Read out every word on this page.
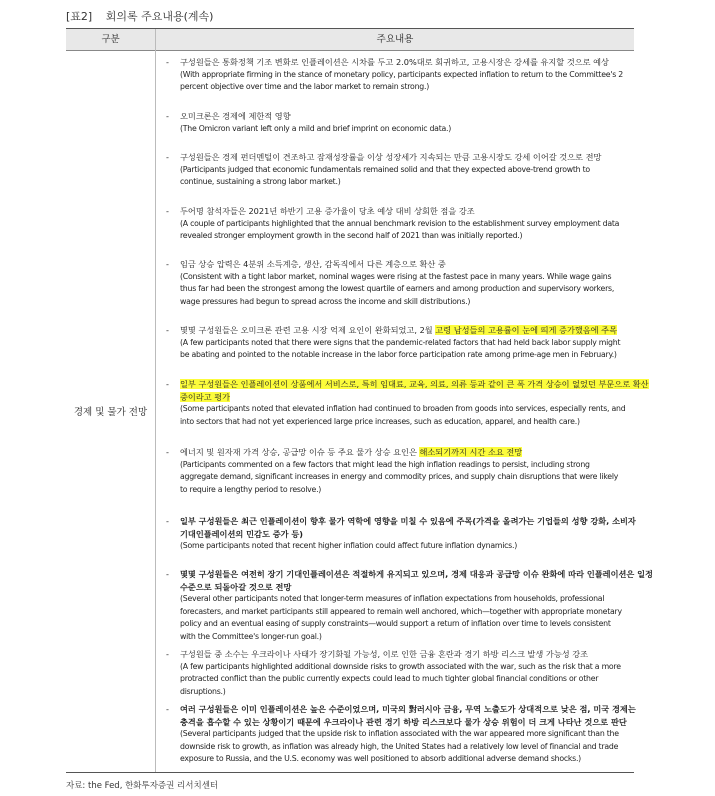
[표2] 회의록 주요내용(계속)
구분	주요내용
경제 및 물가 전망
- 구성원들은 통화정책 기조 변화로 인플레이션은 시차를 두고 2.0%대로 회귀하고, 고용시장은 강세를 유지할 것으로 예상
(With appropriate firming in the stance of monetary policy, participants expected inflation to return to the Committee's 2 percent objective over time and the labor market to remain strong.)
- 오미크론은 경제에 제한적 영향
(The Omicron variant left only a mild and brief imprint on economic data.)
- 구성원들은 경제 펀더멘털이 견조하고 잠재성장률을 이상 성장세가 지속되는 만큼 고용시장도 강세 이어갈 것으로 전망
(Participants judged that economic fundamentals remained solid and that they expected above-trend growth to continue, sustaining a strong labor market.)
- 두어명 참석자들은 2021년 하반기 고용 증가율이 당초 예상 대비 상회한 점을 강조
(A couple of participants highlighted that the annual benchmark revision to the establishment survey employment data revealed stronger employment growth in the second half of 2021 than was initially reported.)
- 임금 상승 압력은 4분위 소득계층, 생산, 감독직에서 다른 계층으로 확산 중
(Consistent with a tight labor market, nominal wages were rising at the fastest pace in many years. While wage gains thus far had been the strongest among the lowest quartile of earners and among production and supervisory workers, wage pressures had begun to spread across the income and skill distributions.)
- 몇몇 구성원들은 오미크론 관련 고용 시장 억제 요인이 완화되었고, 2월 고령 남성들의 고용률이 눈에 띄게 증가했음에 주목
(A few participants noted that there were signs that the pandemic-related factors that had held back labor supply might be abating and pointed to the notable increase in the labor force participation rate among prime-age men in February.)
- 일부 구성원들은 인플레이션이 상품에서 서비스로, 특히 임대료, 교육, 의료, 의류 등과 같이 큰 폭 가격 상승이 없었던 부문으로 확산
중이라고 평가
(Some participants noted that elevated inflation had continued to broaden from goods into services, especially rents, and into sectors that had not yet experienced large price increases, such as education, apparel, and health care.)
- 에너지 및 원자재 가격 상승, 공급망 이슈 등 주요 물가 상승 요인은 해소되기까지 시간 소요 전망
(Participants commented on a few factors that might lead the high inflation readings to persist, including strong aggregate demand, significant increases in energy and commodity prices, and supply chain disruptions that were likely to require a lengthy period to resolve.)
- 일부 구성원들은 최근 인플레이션이 향후 물가 역학에 영향을 미칠 수 있음에 주목(가격을 올려가는 기업들의 성향 강화, 소비자
기대인플레이션의 민감도 증가 등)
(Some participants noted that recent higher inflation could affect future inflation dynamics.)
- 몇몇 구성원들은 여전히 장기 기대인플레이션은 적절하게 유지되고 있으며, 경제 대응과 공급망 이슈 완화에 따라 인플레이션은 일정
수준으로 되돌아갈 것으로 전망
(Several other participants noted that longer-term measures of inflation expectations from households, professional forecasters, and market participants still appeared to remain well anchored, which—together with appropriate monetary policy and an eventual easing of supply constraints—would support a return of inflation over time to levels consistent with the Committee's longer-run goal.)
- 구성원들 중 소수는 우크라이나 사태가 장기화될 가능성, 이로 인한 금융 혼란과 경기 하방 리스크 발생 가능성 강조
(A few participants highlighted additional downside risks to growth associated with the war, such as the risk that a more protracted conflict than the public currently expects could lead to much tighter global financial conditions or other disruptions.)
- 여러 구성원들은 이미 인플레이션은 높은 수준이었으며, 미국의 對러시아 금융, 무역 노출도가 상대적으로 낮은 점, 미국 경제는
충격을 흡수할 수 있는 상황이기 때문에 우크라이나 관련 경기 하방 리스크보다 물가 상승 위험이 더 크게 나타난 것으로 판단
(Several participants judged that the upside risk to inflation associated with the war appeared more significant than the downside risk to growth, as inflation was already high, the United States had a relatively low level of financial and trade exposure to Russia, and the U.S. economy was well positioned to absorb additional adverse demand shocks.)
자료: the Fed, 한화투자증권 리서치센터
